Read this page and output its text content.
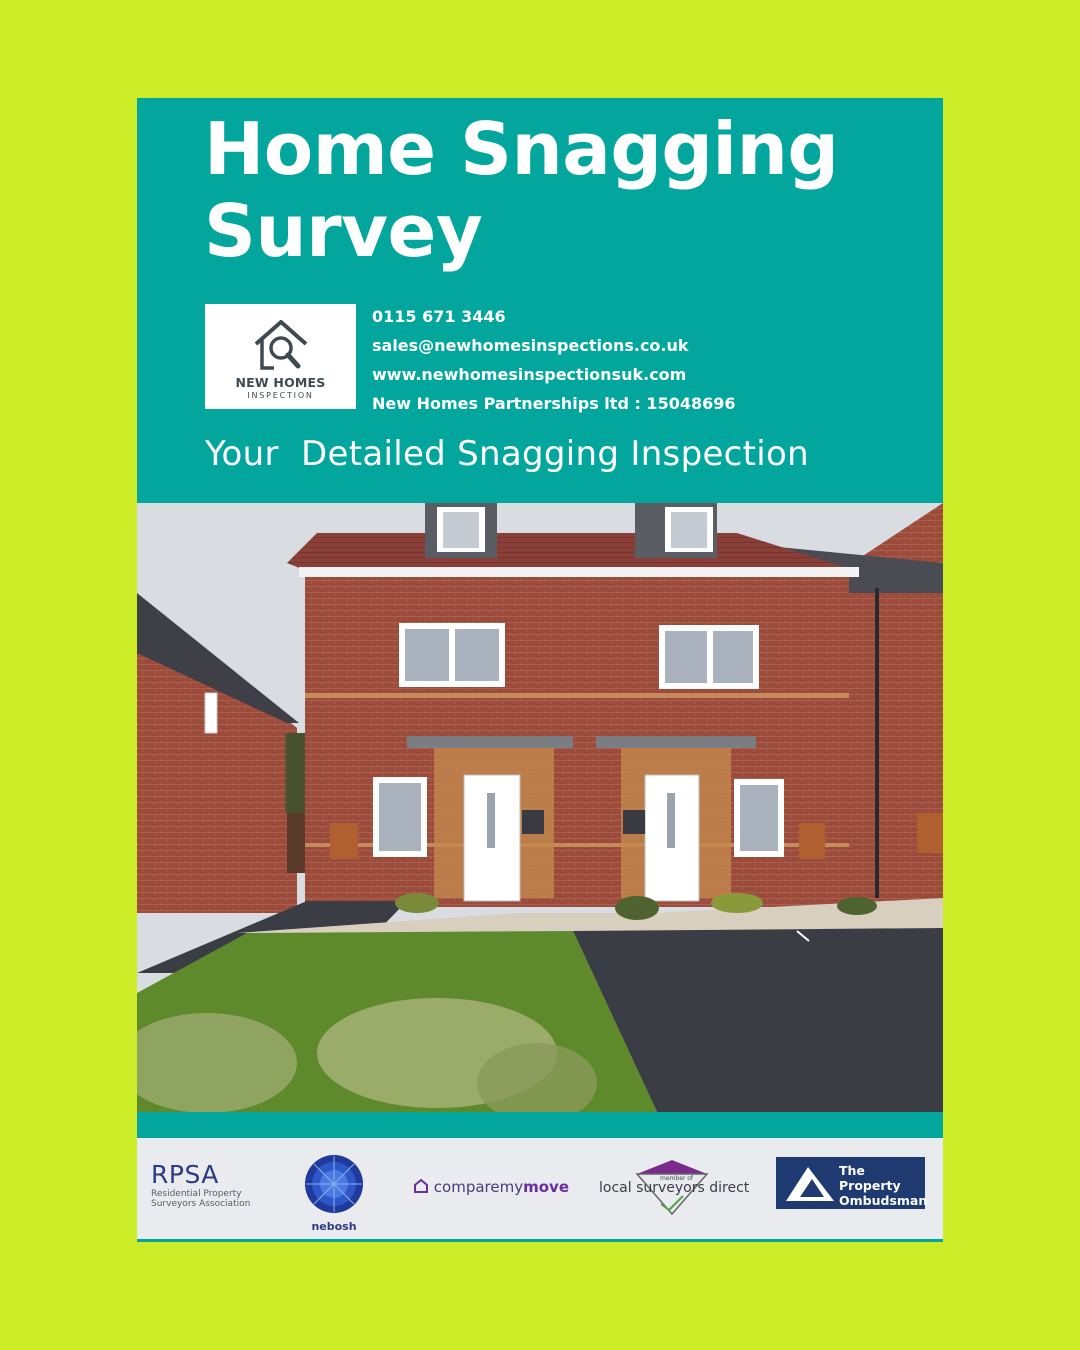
Home Snagging
Survey
NEW HOMES
INSPECTION
0115 671 3446
sales@newhomesinspections.co.uk
www.newhomesinspectionsuk.com
New Homes Partnerships ltd : 15048696
Your  Detailed Snagging Inspection
RPSA
Residential Property
Surveyors Association
nebosh
comparemymove	member of
local surveyors direct
The Property
Ombudsman
